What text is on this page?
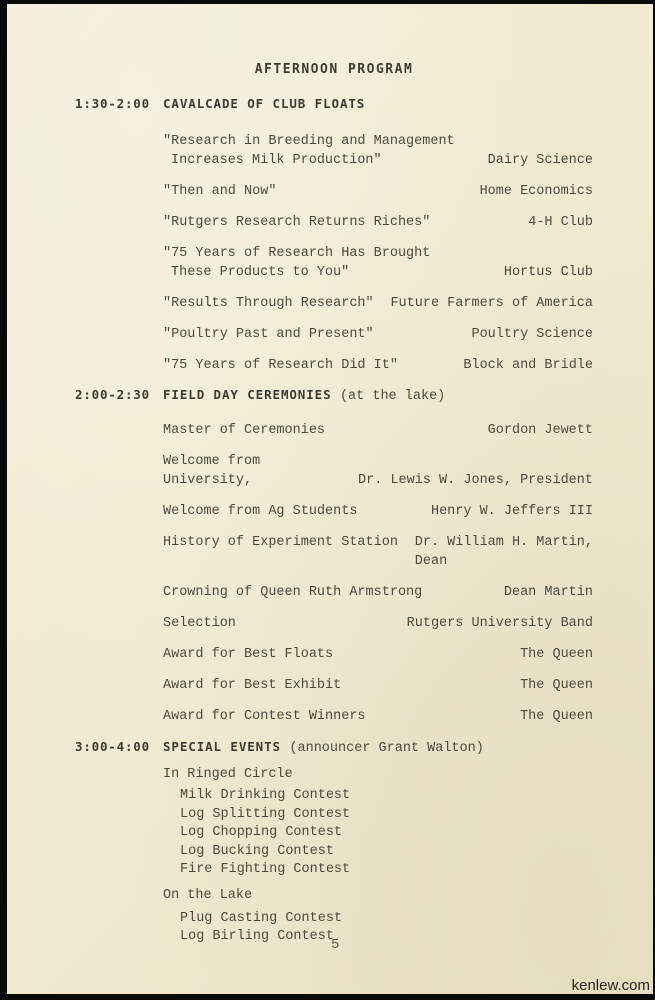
AFTERNOON PROGRAM
1:30-2:00	CAVALCADE OF CLUB FLOATS
"Research in Breeding and Management
Increases Milk Production"	Dairy Science
"Then and Now"	Home Economics
"Rutgers Research Returns Riches"	4-H Club
"75 Years of Research Has Brought
These Products to You"	Hortus Club
"Results Through Research"	Future Farmers of America
"Poultry Past and Present"	Poultry Science
"75 Years of Research Did It"	Block and Bridle
2:00-2:30	FIELD DAY CEREMONIES (at the lake)
Master of Ceremonies	Gordon Jewett
Welcome from University,	Dr. Lewis W. Jones, President
Welcome from Ag Students	Henry W. Jeffers III
History of Experiment Station	Dr. William H. Martin,
Dean
Crowning of Queen Ruth Armstrong	Dean Martin
Selection	Rutgers University Band
Award for Best Floats	The Queen
Award for Best Exhibit	The Queen
Award for Contest Winners	The Queen
3:00-4:00	SPECIAL EVENTS (announcer Grant Walton)
In Ringed Circle
Milk Drinking Contest
Log Splitting Contest
Log Chopping Contest
Log Bucking Contest
Fire Fighting Contest
On the Lake
Plug Casting Contest
Log Birling Contest
5
kenlew.com
